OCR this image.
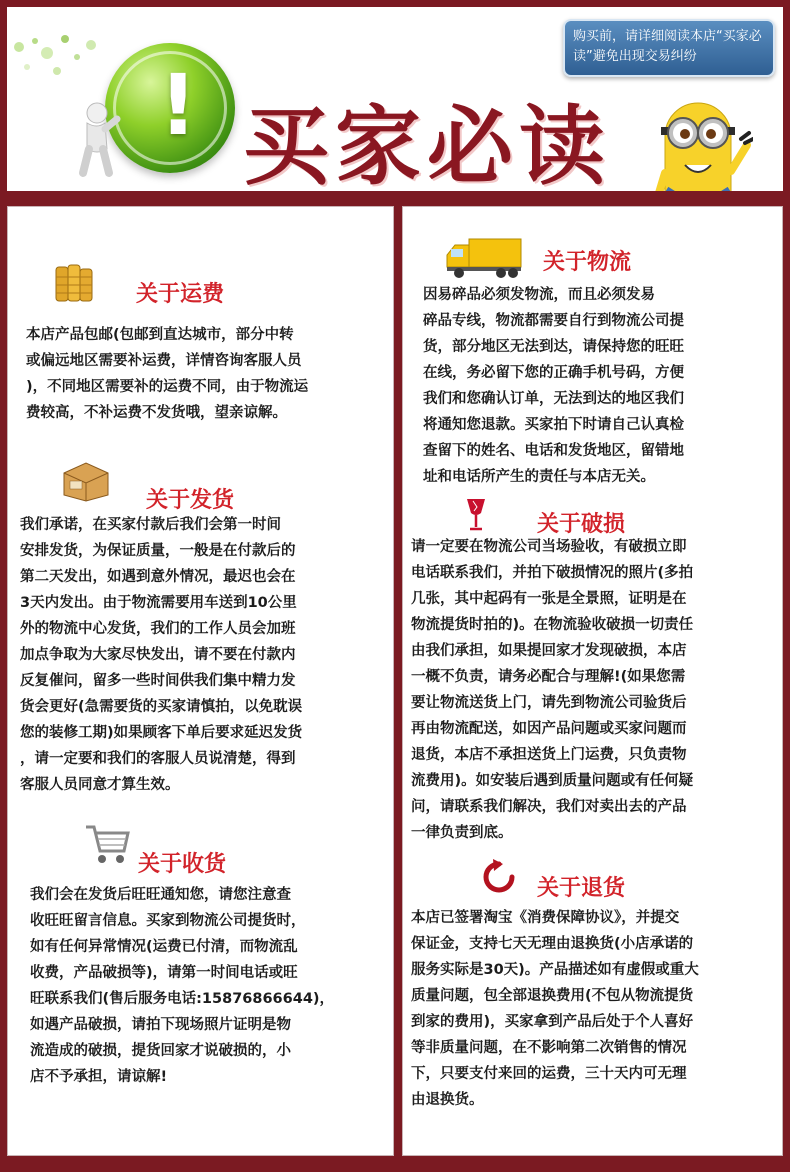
! 买家必读
购买前，请详细阅读本店“买家必读”避免出现交易纠纷
关于运费

本店产品包邮(包邮到直达城市，部分中转
或偏远地区需要补运费，详情咨询客服人员
)，不同地区需要补的运费不同，由于物流运
费较高，不补运费不发货哦，望亲谅解。

关于发货

我们承诺，在买家付款后我们会第一时间
安排发货，为保证质量，一般是在付款后的
第二天发出，如遇到意外情况，最迟也会在
3天内发出。由于物流需要用车送到10公里
外的物流中心发货，我们的工作人员会加班
加点争取为大家尽快发出，请不要在付款内
反复催问，留多一些时间供我们集中精力发
货会更好(急需要货的买家请慎拍，以免耽误
您的装修工期)如果顾客下单后要求延迟发货
，请一定要和我们的客服人员说清楚，得到
客服人员同意才算生效。

关于收货

我们会在发货后旺旺通知您，请您注意查
收旺旺留言信息。买家到物流公司提货时，
如有任何异常情况(运费已付清，而物流乱
收费，产品破损等)，请第一时间电话或旺
旺联系我们(售后服务电话:15876866644)，
如遇产品破损，请拍下现场照片证明是物
流造成的破损，提货回家才说破损的，小
店不予承担，请谅解!

关于物流

因易碎品必须发物流，而且必须发易
碎品专线，物流都需要自行到物流公司提
货，部分地区无法到达，请保持您的旺旺
在线，务必留下您的正确手机号码，方便
我们和您确认订单，无法到达的地区我们
将通知您退款。买家拍下时请自己认真检
查留下的姓名、电话和发货地区，留错地
址和电话所产生的责任与本店无关。

关于破损

请一定要在物流公司当场验收，有破损立即
电话联系我们，并拍下破损情况的照片(多拍
几张，其中起码有一张是全景照，证明是在
物流提货时拍的)。在物流验收破损一切责任
由我们承担，如果提回家才发现破损，本店
一概不负责，请务必配合与理解!(如果您需
要让物流送货上门，请先到物流公司验货后
再由物流配送，如因产品问题或买家问题而
退货，本店不承担送货上门运费，只负责物
流费用)。如安装后遇到质量问题或有任何疑
问，请联系我们解决，我们对卖出去的产品
一律负责到底。

关于退货

本店已签署淘宝《消费保障协议》，并提交
保证金，支持七天无理由退换货(小店承诺的
服务实际是30天)。产品描述如有虚假或重大
质量问题，包全部退换费用(不包从物流提货
到家的费用)，买家拿到产品后处于个人喜好
等非质量问题，在不影响第二次销售的情况
下，只要支付来回的运费，三十天内可无理
由退换货。
